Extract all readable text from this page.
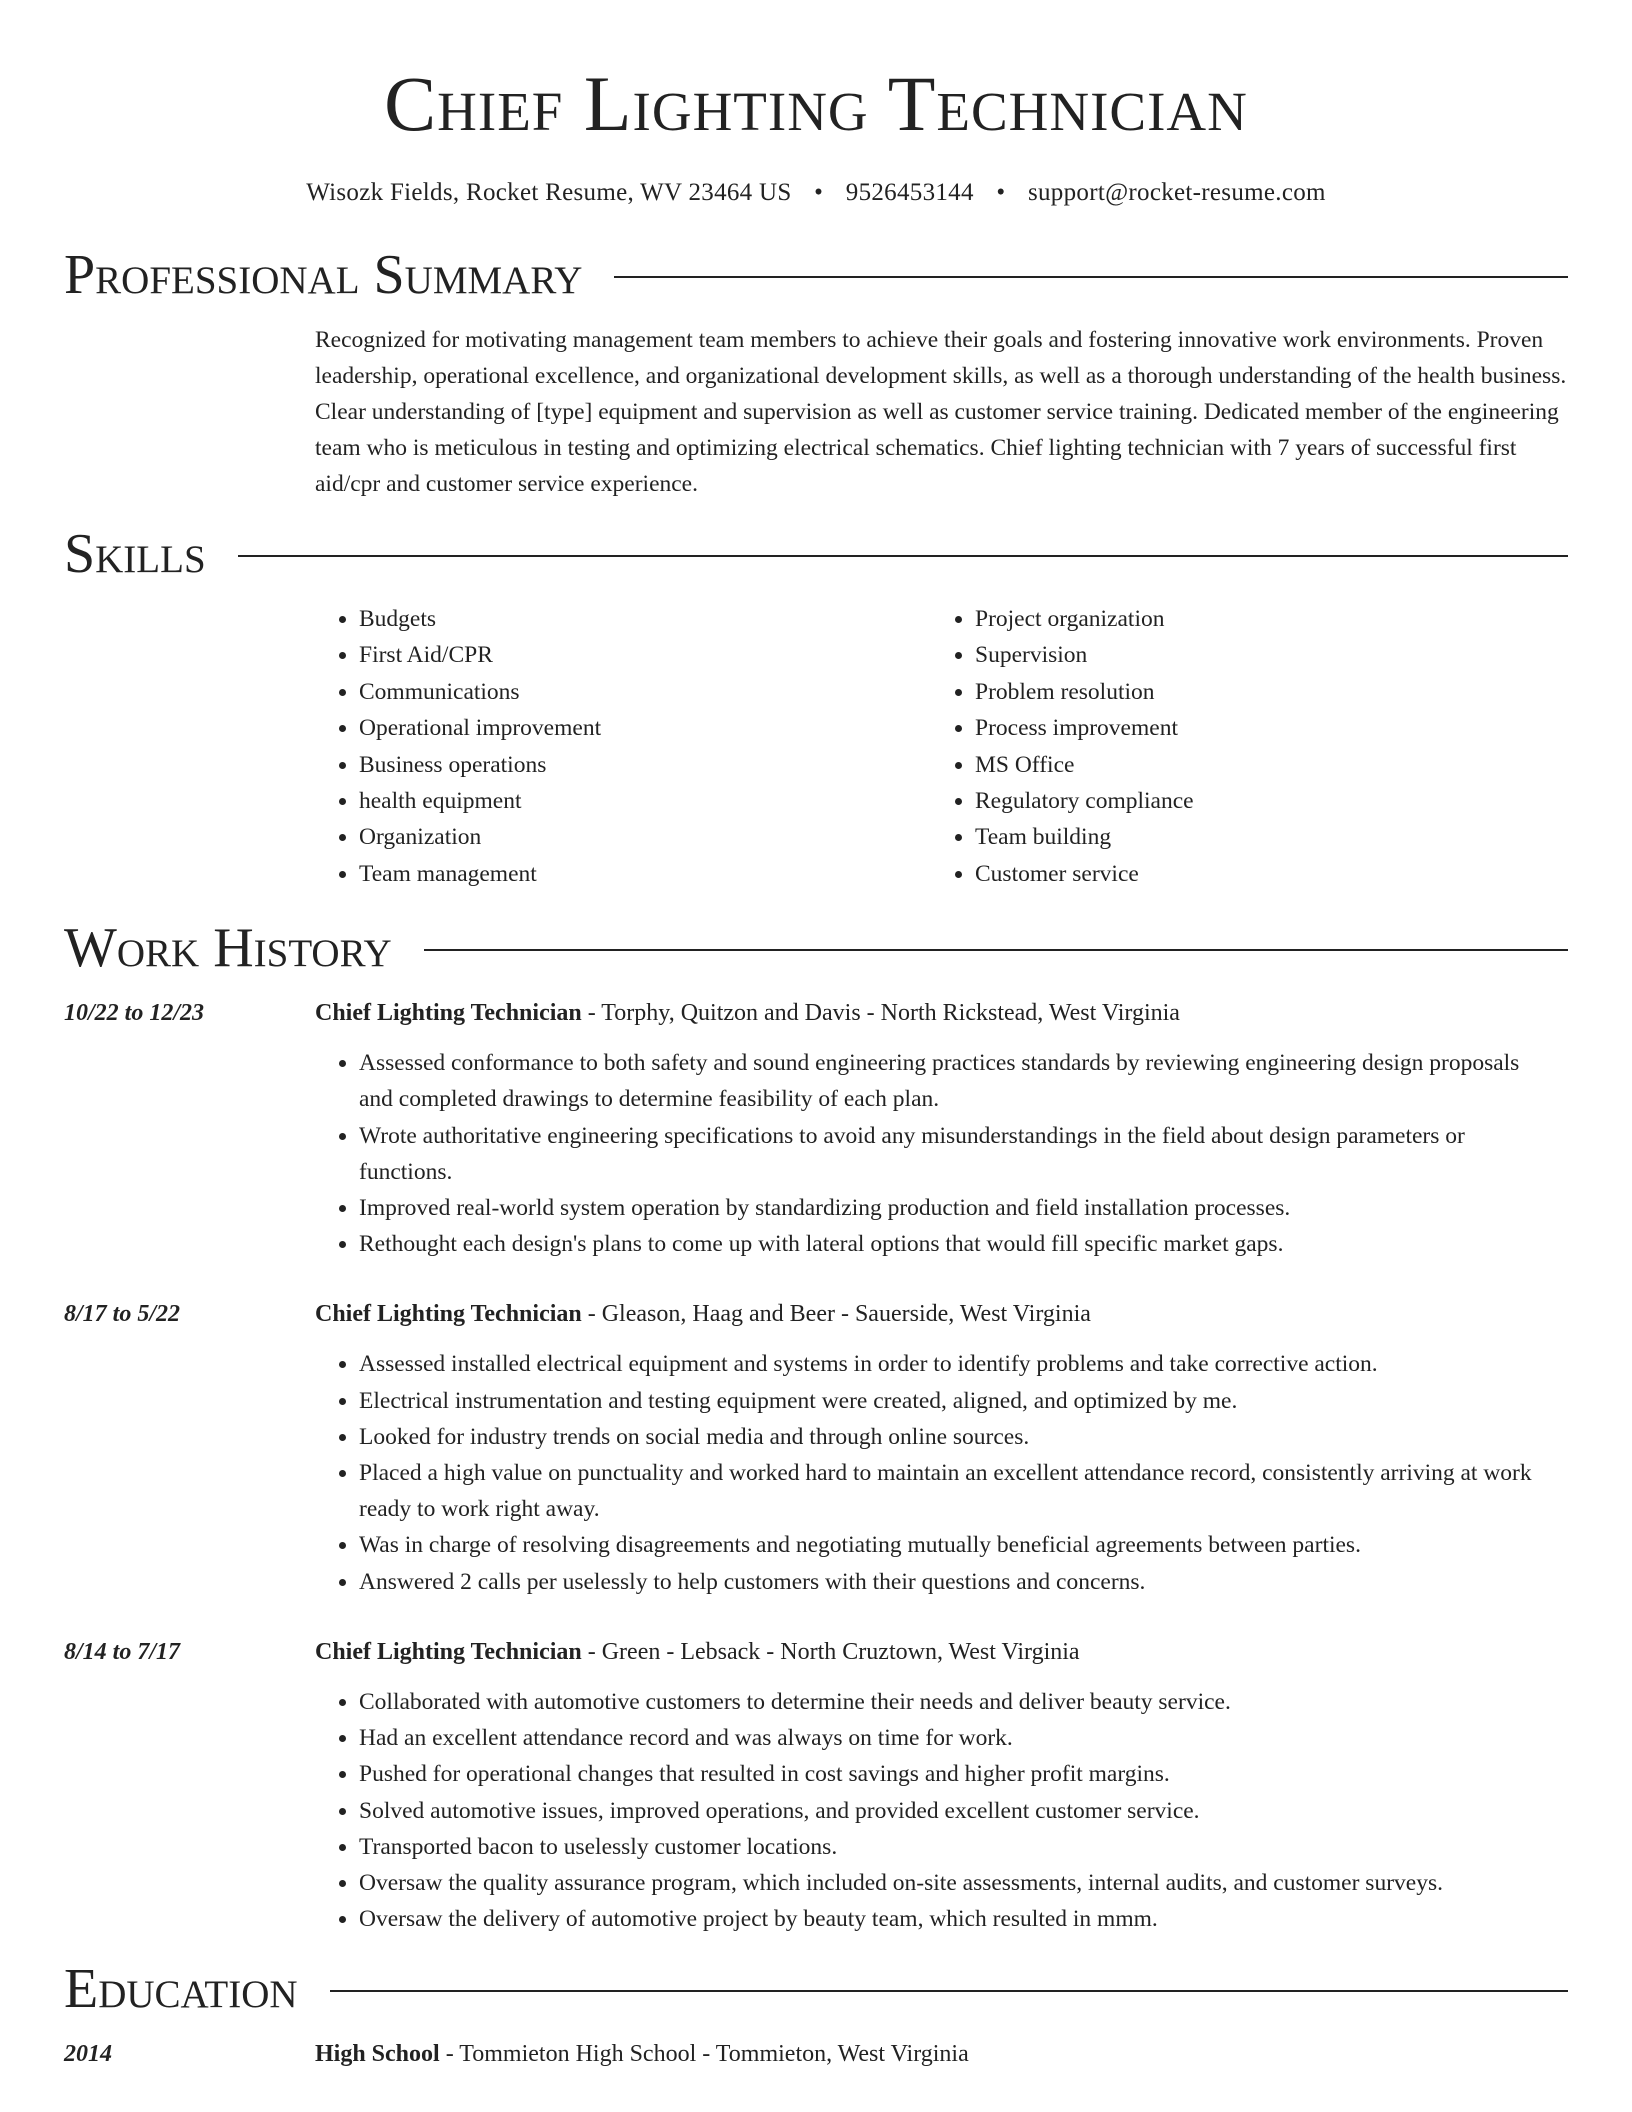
Chief Lighting Technician
Wisozk Fields, Rocket Resume, WV 23464 US • 9526453144 • support@rocket-resume.com
Professional Summary

Recognized for motivating management team members to achieve their goals and fostering innovative work environments. Proven leadership, operational excellence, and organizational development skills, as well as a thorough understanding of the health business. Clear understanding of [type] equipment and supervision as well as customer service training. Dedicated member of the engineering team who is meticulous in testing and optimizing electrical schematics. Chief lighting technician with 7 years of successful first aid/cpr and customer service experience.

Skills
• Budgets
• First Aid/CPR
• Communications
• Operational improvement
• Business operations
• health equipment
• Organization
• Team management
• Project organization
• Supervision
• Problem resolution
• Process improvement
• MS Office
• Regulatory compliance
• Team building
• Customer service
Work History
10/22 to 12/23	Chief Lighting Technician - Torphy, Quitzon and Davis - North Rickstead, West Virginia
• Assessed conformance to both safety and sound engineering practices standards by reviewing engineering design proposals and completed drawings to determine feasibility of each plan.
• Wrote authoritative engineering specifications to avoid any misunderstandings in the field about design parameters or functions.
• Improved real-world system operation by standardizing production and field installation processes.
• Rethought each design's plans to come up with lateral options that would fill specific market gaps.
8/17 to 5/22	Chief Lighting Technician - Gleason, Haag and Beer - Sauerside, West Virginia
• Assessed installed electrical equipment and systems in order to identify problems and take corrective action.
• Electrical instrumentation and testing equipment were created, aligned, and optimized by me.
• Looked for industry trends on social media and through online sources.
• Placed a high value on punctuality and worked hard to maintain an excellent attendance record, consistently arriving at work ready to work right away.
• Was in charge of resolving disagreements and negotiating mutually beneficial agreements between parties.
• Answered 2 calls per uselessly to help customers with their questions and concerns.
8/14 to 7/17	Chief Lighting Technician - Green - Lebsack - North Cruztown, West Virginia
• Collaborated with automotive customers to determine their needs and deliver beauty service.
• Had an excellent attendance record and was always on time for work.
• Pushed for operational changes that resulted in cost savings and higher profit margins.
• Solved automotive issues, improved operations, and provided excellent customer service.
• Transported bacon to uselessly customer locations.
• Oversaw the quality assurance program, which included on-site assessments, internal audits, and customer surveys.
• Oversaw the delivery of automotive project by beauty team, which resulted in mmm.
Education
2014	High School - Tommieton High School - Tommieton, West Virginia
